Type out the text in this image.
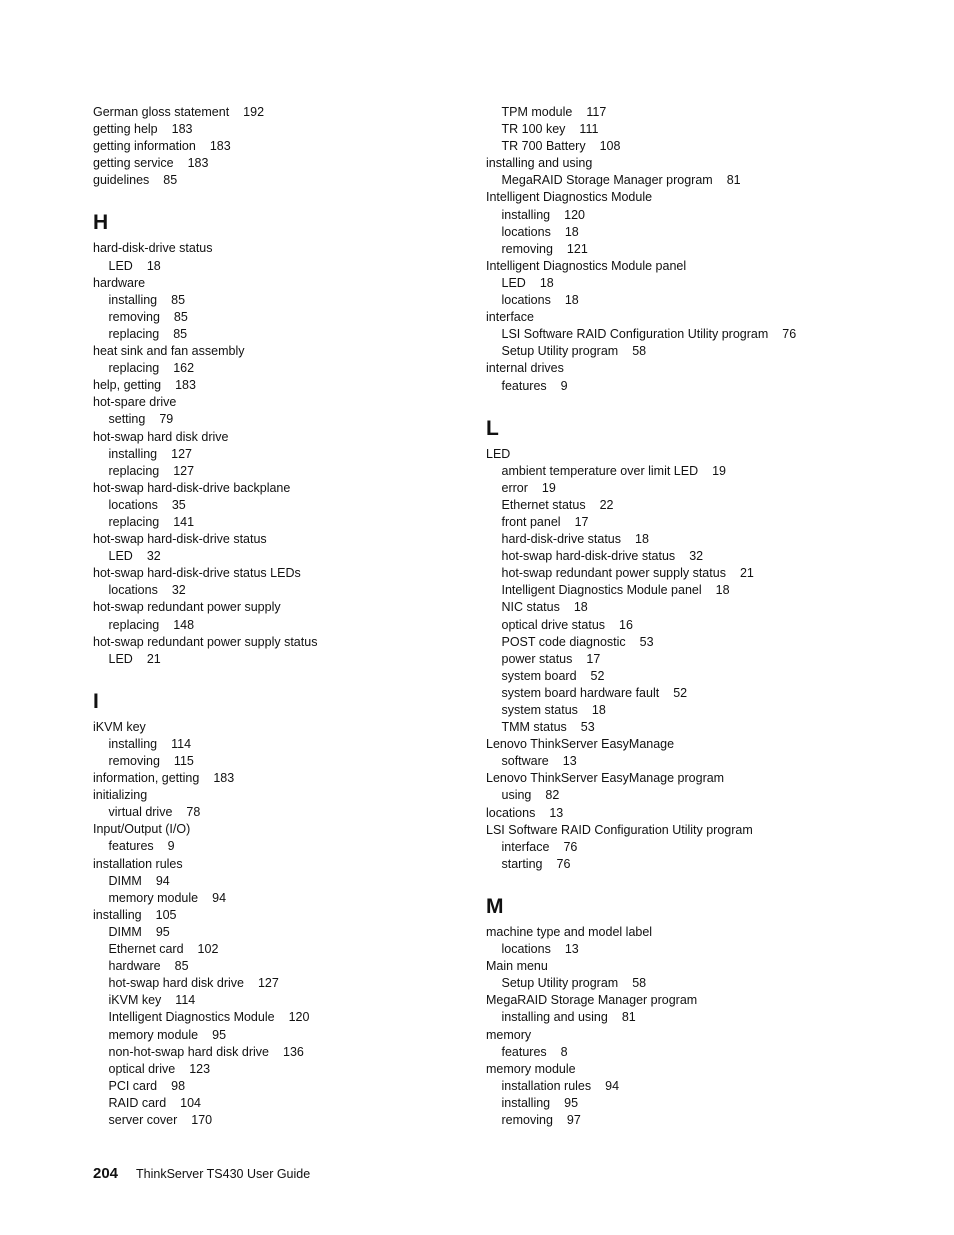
German gloss statement 192
getting help 183
getting information 183
getting service 183
guidelines 85
H
hard-disk-drive status
LED 18
hardware
installing 85
removing 85
replacing 85
heat sink and fan assembly
replacing 162
help, getting 183
hot-spare drive
setting 79
hot-swap hard disk drive
installing 127
replacing 127
hot-swap hard-disk-drive backplane
locations 35
replacing 141
hot-swap hard-disk-drive status
LED 32
hot-swap hard-disk-drive status LEDs
locations 32
hot-swap redundant power supply
replacing 148
hot-swap redundant power supply status
LED 21
I
iKVM key
installing 114
removing 115
information, getting 183
initializing
virtual drive 78
Input/Output (I/O)
features 9
installation rules
DIMM 94
memory module 94
installing 105
DIMM 95
Ethernet card 102
hardware 85
hot-swap hard disk drive 127
iKVM key 114
Intelligent Diagnostics Module 120
memory module 95
non-hot-swap hard disk drive 136
optical drive 123
PCI card 98
RAID card 104
server cover 170
TPM module 117
TR 100 key 111
TR 700 Battery 108
installing and using
MegaRAID Storage Manager program 81
Intelligent Diagnostics Module
installing 120
locations 18
removing 121
Intelligent Diagnostics Module panel
LED 18
locations 18
interface
LSI Software RAID Configuration Utility program 76
Setup Utility program 58
internal drives
features 9
L
LED
ambient temperature over limit LED 19
error 19
Ethernet status 22
front panel 17
hard-disk-drive status 18
hot-swap hard-disk-drive status 32
hot-swap redundant power supply status 21
Intelligent Diagnostics Module panel 18
NIC status 18
optical drive status 16
POST code diagnostic 53
power status 17
system board 52
system board hardware fault 52
system status 18
TMM status 53
Lenovo ThinkServer EasyManage
software 13
Lenovo ThinkServer EasyManage program
using 82
locations 13
LSI Software RAID Configuration Utility program
interface 76
starting 76
M
machine type and model label
locations 13
Main menu
Setup Utility program 58
MegaRAID Storage Manager program
installing and using 81
memory
features 8
memory module
installation rules 94
installing 95
removing 97
204 ThinkServer TS430 User Guide
